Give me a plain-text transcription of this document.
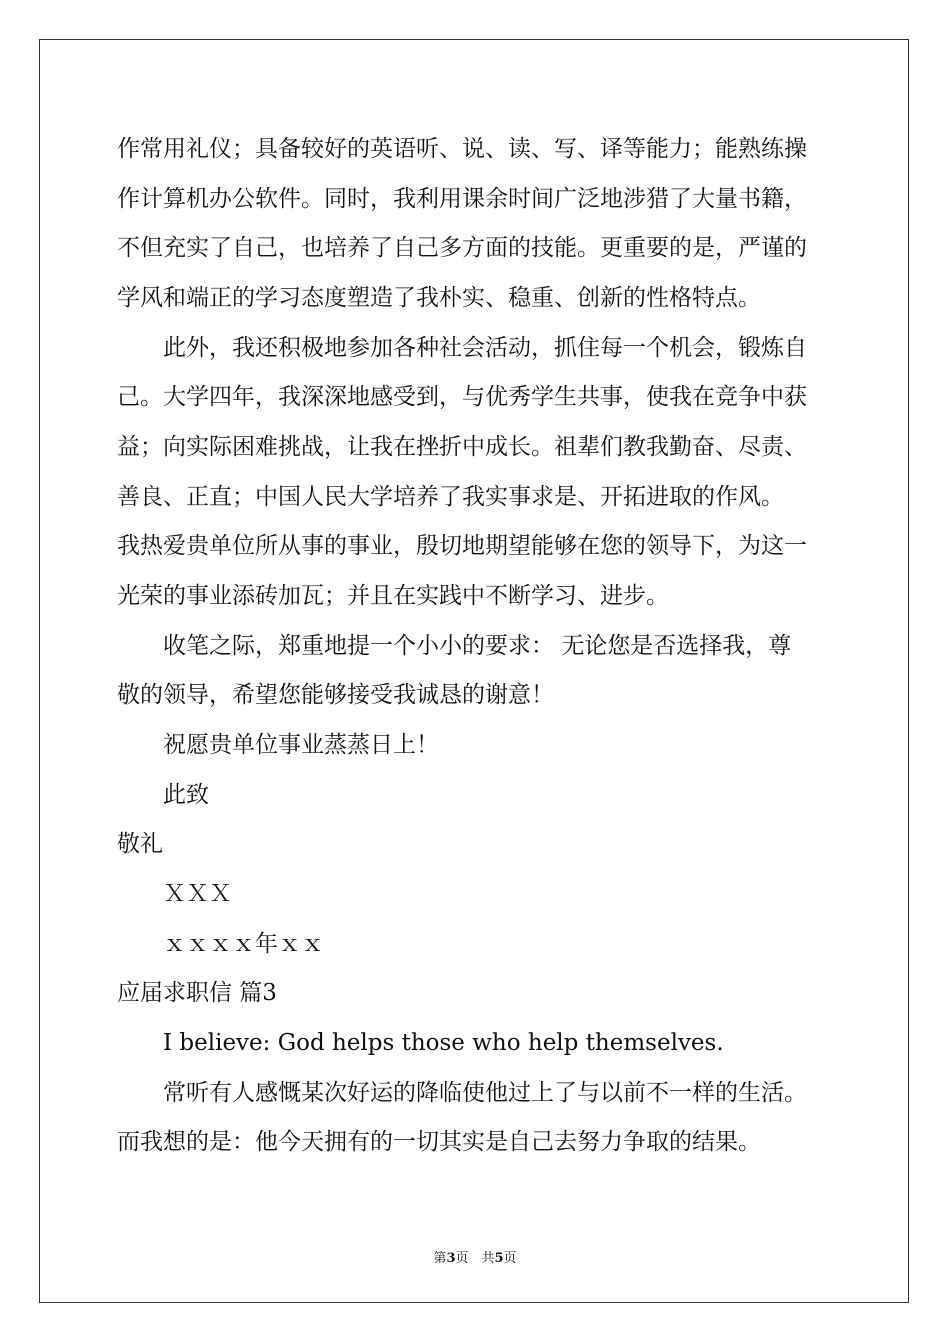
作常用礼仪；具备较好的英语听、说、读、写、译等能力；能熟练操
作计算机办公软件。同时，我利用课余时间广泛地涉猎了大量书籍，
不但充实了自己，也培养了自己多方面的技能。更重要的是，严谨的
学风和端正的学习态度塑造了我朴实、稳重、创新的性格特点。
　　此外，我还积极地参加各种社会活动，抓住每一个机会，锻炼自
己。大学四年，我深深地感受到，与优秀学生共事，使我在竞争中获
益；向实际困难挑战，让我在挫折中成长。祖辈们教我勤奋、尽责、
善良、正直；中国人民大学培养了我实事求是、开拓进取的作风。
我热爱贵单位所从事的事业，殷切地期望能够在您的领导下，为这一
光荣的事业添砖加瓦；并且在实践中不断学习、进步。
　　收笔之际，郑重地提一个小小的要求： 无论您是否选择我，尊
敬的领导，希望您能够接受我诚恳的谢意！
　　祝愿贵单位事业蒸蒸日上！
　　此致
敬礼
　　ＸＸＸ
　　ｘｘｘｘ年ｘｘ
应届求职信 篇3
　　I believe: God helps those who help themselves.
　　常听有人感慨某次好运的降临使他过上了与以前不一样的生活。
而我想的是：他今天拥有的一切其实是自己去努力争取的结果。
第3页　共5页
